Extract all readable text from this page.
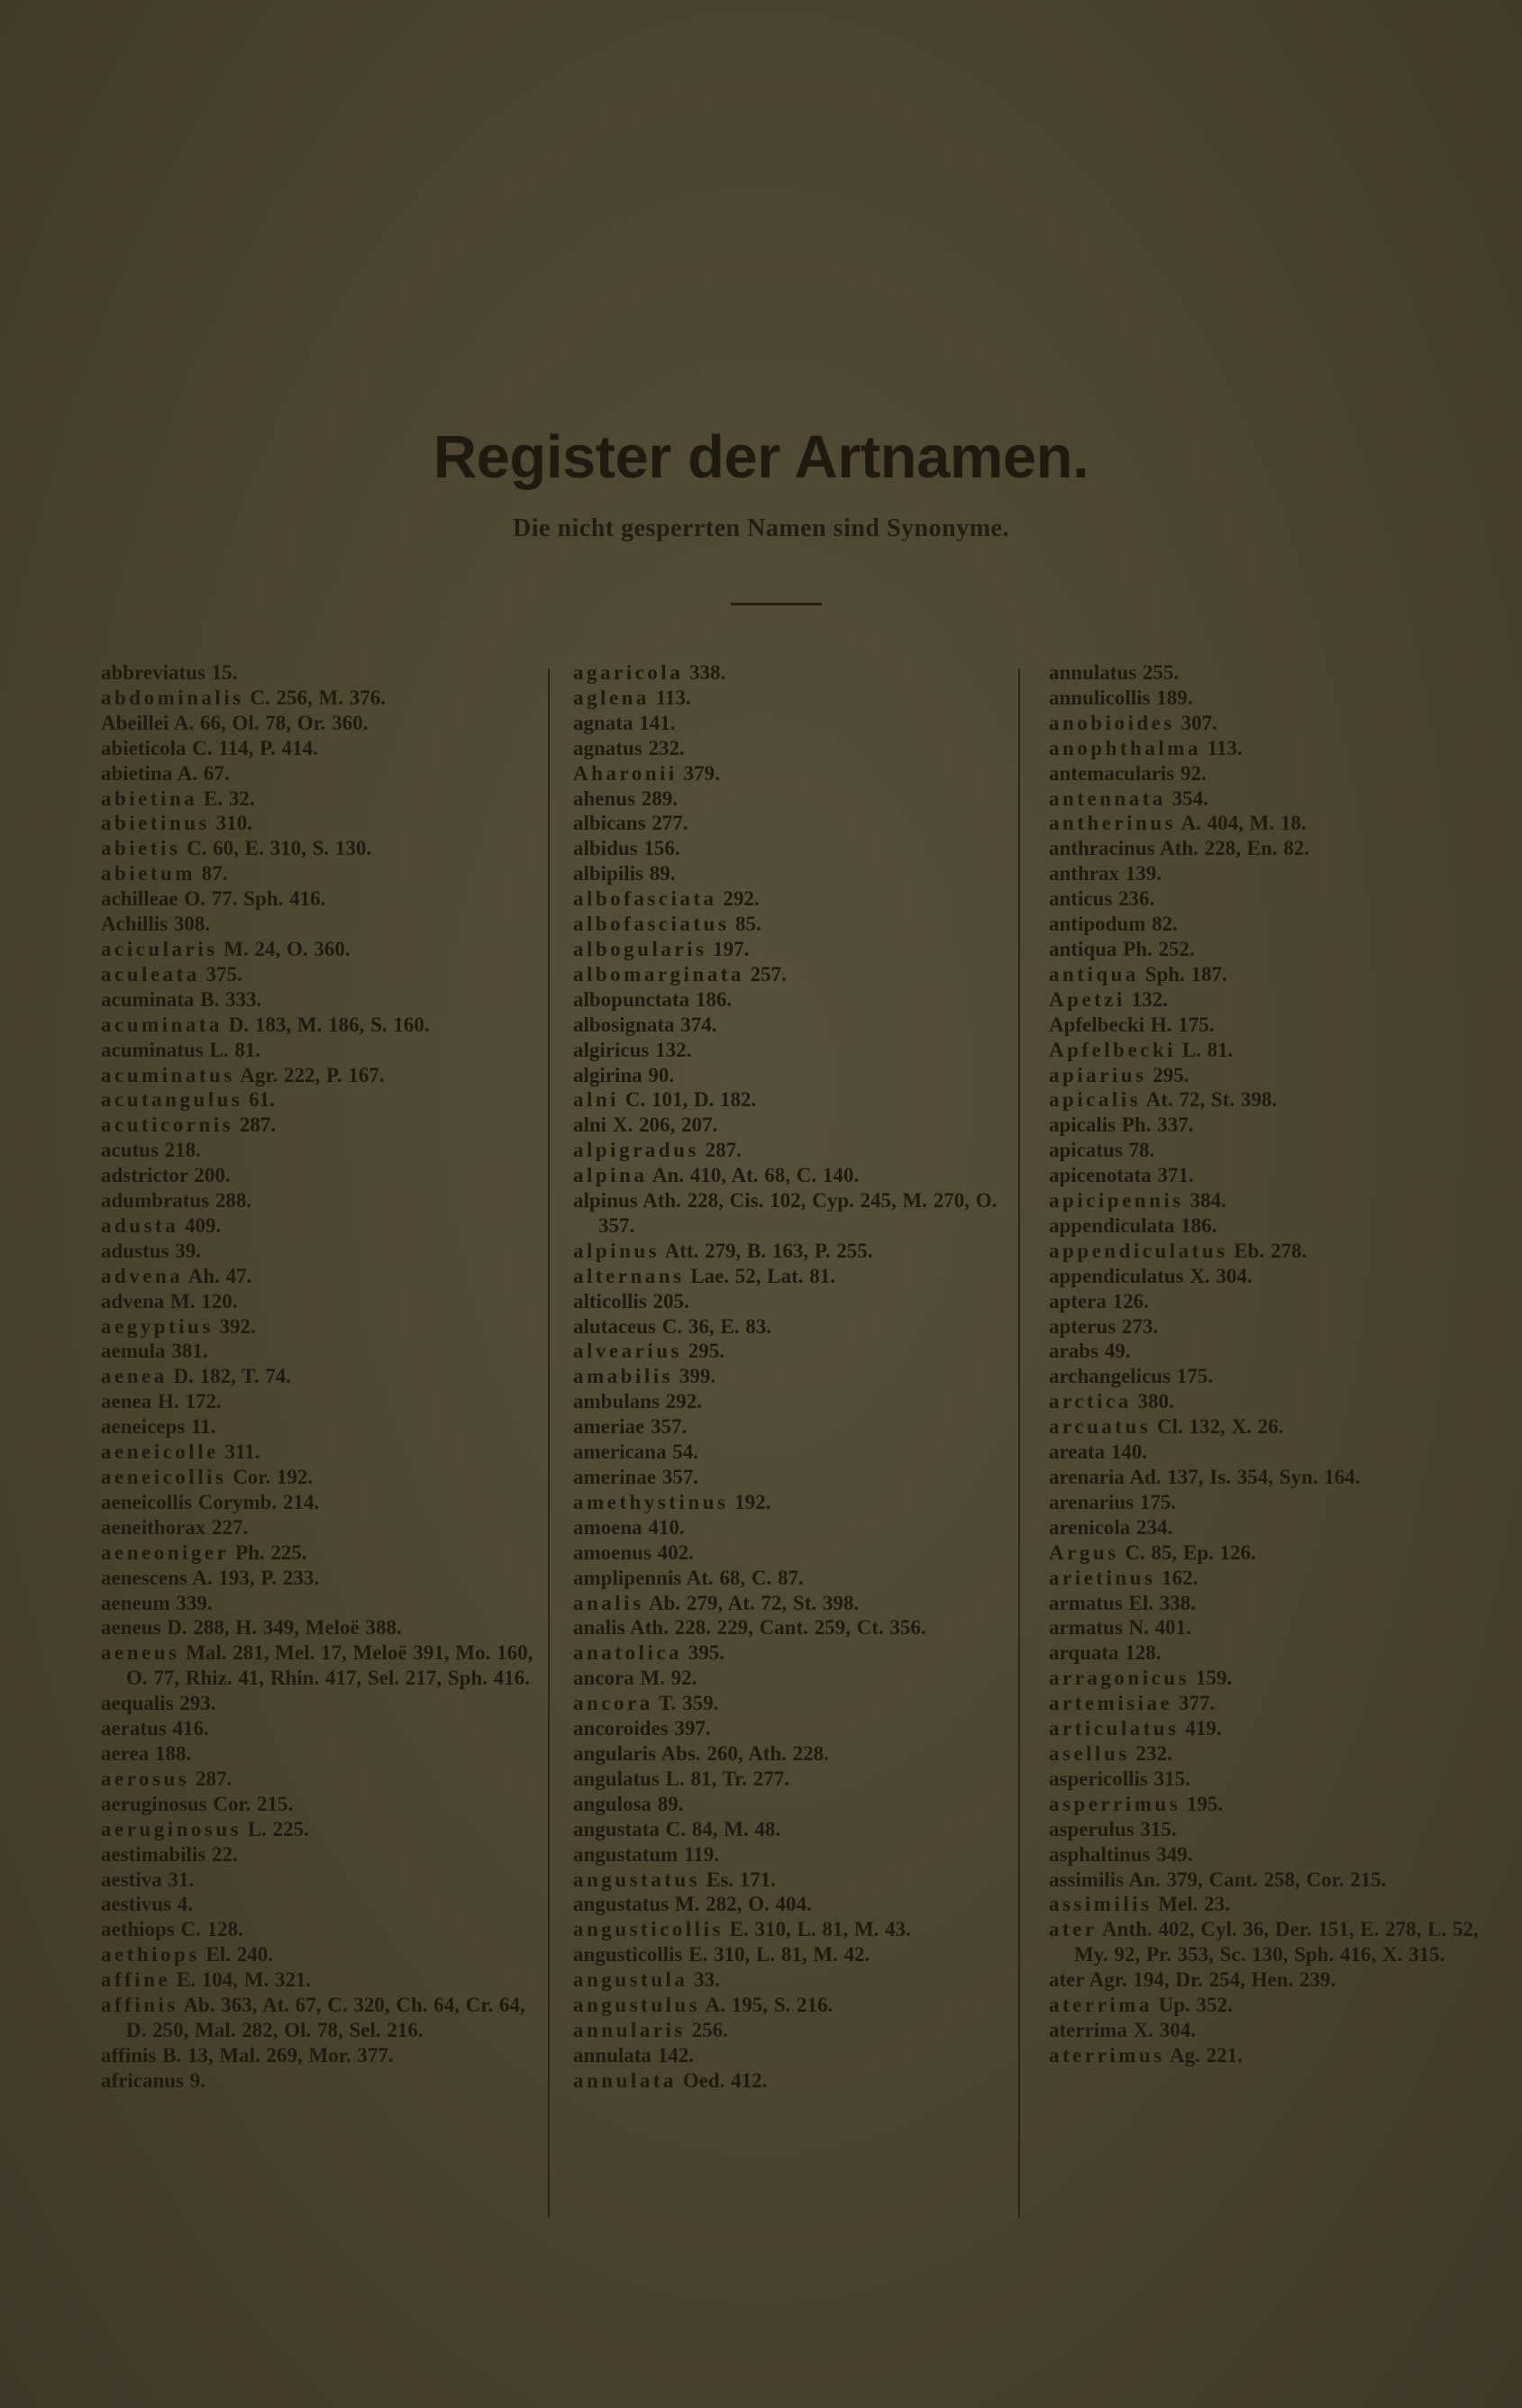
Register der Artnamen.
Die nicht gesperrten Namen sind Synonyme.
abbreviatus 15.
abdominalis C. 256, M. 376.
Abeillei A. 66, Ol. 78, Or. 360.
abieticola C. 114, P. 414.
abietina A. 67.
abietina E. 32.
abietinus 310.
abietis C. 60, E. 310, S. 130.
abietum 87.
achilleae O. 77. Sph. 416.
Achillis 308.
acicularis M. 24, O. 360.
aculeata 375.
acuminata B. 333.
acuminata D. 183, M. 186, S. 160.
acuminatus L. 81.
acuminatus Agr. 222, P. 167.
acutangulus 61.
acuticornis 287.
acutus 218.
adstrictor 200.
adumbratus 288.
adusta 409.
adustus 39.
advena Ah. 47.
advena M. 120.
aegyptius 392.
aemula 381.
aenea D. 182, T. 74.
aenea H. 172.
aeneiceps 11.
aeneicolle 311.
aeneicollis Cor. 192.
aeneicollis Corymb. 214.
aeneithorax 227.
aeneoniger Ph. 225.
aenescens A. 193, P. 233.
aeneum 339.
aeneus D. 288, H. 349, Meloë 388.
aeneus Mal. 281, Mel. 17, Meloë 391, Mo. 160, O. 77, Rhiz. 41, Rhin. 417, Sel. 217, Sph. 416.
aequalis 293.
aeratus 416.
aerea 188.
aerosus 287.
aeruginosus Cor. 215.
aeruginosus L. 225.
aestimabilis 22.
aestiva 31.
aestivus 4.
aethiops C. 128.
aethiops El. 240.
affine E. 104, M. 321.
affinis Ab. 363, At. 67, C. 320, Ch. 64, Cr. 64, D. 250, Mal. 282, Ol. 78, Sel. 216.
affinis B. 13, Mal. 269, Mor. 377.
africanus 9.
agaricola 338.
aglena 113.
agnata 141.
agnatus 232.
Aharonii 379.
ahenus 289.
albicans 277.
albidus 156.
albipilis 89.
albofasciata 292.
albofasciatus 85.
albogularis 197.
albomarginata 257.
albopunctata 186.
albosignata 374.
algiricus 132.
algirina 90.
alni C. 101, D. 182.
alni X. 206, 207.
alpigradus 287.
alpina An. 410, At. 68, C. 140.
alpinus Ath. 228, Cis. 102, Cyp. 245, M. 270, O. 357.
alpinus Att. 279, B. 163, P. 255.
alternans Lae. 52, Lat. 81.
alticollis 205.
alutaceus C. 36, E. 83.
alvearius 295.
amabilis 399.
ambulans 292.
ameriae 357.
americana 54.
amerinae 357.
amethystinus 192.
amoena 410.
amoenus 402.
amplipennis At. 68, C. 87.
analis Ab. 279, At. 72, St. 398.
analis Ath. 228. 229, Cant. 259, Ct. 356.
anatolica 395.
ancora M. 92.
ancora T. 359.
ancoroides 397.
angularis Abs. 260, Ath. 228.
angulatus L. 81, Tr. 277.
angulosa 89.
angustata C. 84, M. 48.
angustatum 119.
angustatus Es. 171.
angustatus M. 282, O. 404.
angusticollis E. 310, L. 81, M. 43.
angusticollis E. 310, L. 81, M. 42.
angustula 33.
angustulus A. 195, S. 216.
annularis 256.
annulata 142.
annulata Oed. 412.
annulatus 255.
annulicollis 189.
anobioides 307.
anophthalma 113.
antemacularis 92.
antennata 354.
antherinus A. 404, M. 18.
anthracinus Ath. 228, En. 82.
anthrax 139.
anticus 236.
antipodum 82.
antiqua Ph. 252.
antiqua Sph. 187.
Apetzi 132.
Apfelbecki H. 175.
Apfelbecki L. 81.
apiarius 295.
apicalis At. 72, St. 398.
apicalis Ph. 337.
apicatus 78.
apicenotata 371.
apicipennis 384.
appendiculata 186.
appendiculatus Eb. 278.
appendiculatus X. 304.
aptera 126.
apterus 273.
arabs 49.
archangelicus 175.
arctica 380.
arcuatus Cl. 132, X. 26.
areata 140.
arenaria Ad. 137, Is. 354, Syn. 164.
arenarius 175.
arenicola 234.
Argus C. 85, Ep. 126.
arietinus 162.
armatus El. 338.
armatus N. 401.
arquata 128.
arragonicus 159.
artemisiae 377.
articulatus 419.
asellus 232.
aspericollis 315.
asperrimus 195.
asperulus 315.
asphaltinus 349.
assimilis An. 379, Cant. 258, Cor. 215.
assimilis Mel. 23.
ater Anth. 402, Cyl. 36, Der. 151, E. 278, L. 52, My. 92, Pr. 353, Sc. 130, Sph. 416, X. 315.
ater Agr. 194, Dr. 254, Hen. 239.
aterrima Up. 352.
aterrima X. 304.
aterrimus Ag. 221.
